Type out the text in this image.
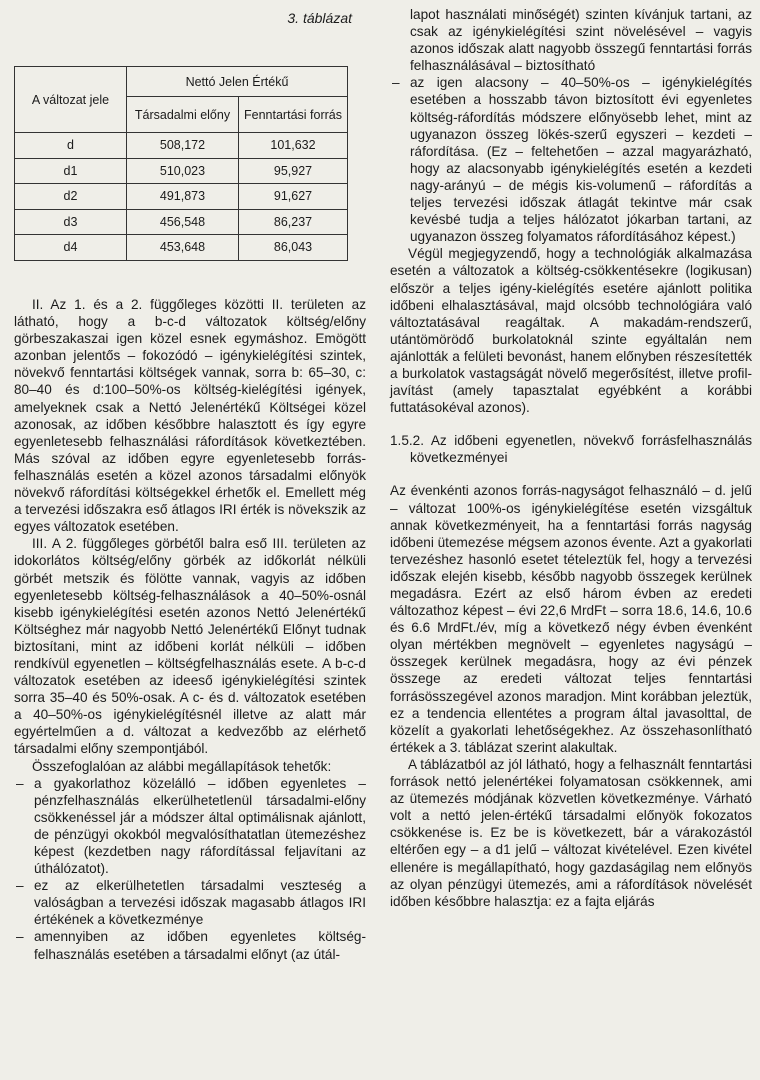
3. táblázat
A változat jele	Nettó Jelen Értékű	
	Társadalmi előny	Fenntartási forrás
d	508,172	101,632
d1	510,023	95,927
d2	491,873	91,627
d3	456,548	86,237
d4	453,648	86,043

II. Az 1. és a 2. függőleges közötti II. területen az látható, hogy a b-c-d változatok költség/előny görbeszakaszai igen közel esnek egymáshoz. Emögött azonban jelentős – fokozódó – igénykielégítési szintek, növekvő fenntartási költségek vannak, sorra b: 65–30, c: 80–40 és d:100–50%-os költség-kielégítési igények, amelyeknek csak a Nettó Jelenértékű Költségei közel azonosak, az időben későbbre halasztott és így egyre egyenletesebb felhasználási ráfordítások következtében. Más szóval az időben egyre egyenletesebb forrás-felhasználás esetén a közel azonos társadalmi előnyök növekvő ráfordítási költségekkel érhetők el. Emellett még a tervezési időszakra eső átlagos IRI érték is növekszik az egyes változatok esetében.

III. A 2. függőleges görbétől balra eső III. területen az idokorlátos költség/előny görbék az időkorlát nélküli görbét metszik és fölötte vannak, vagyis az időben egyenletesebb költség-felhasználások a 40–50%-osnál kisebb igénykielégítési esetén azonos Nettó Jelenértékű Költséghez már nagyobb Nettó Jelenértékű Előnyt tudnak biztosítani, mint az időbeni korlát nélküli – időben rendkívül egyenetlen – költségfelhasználás esete. A b-c-d változatok esetében az ideeső igénykielégítési szintek sorra 35–40 és 50%-osak. A c- és d. változatok esetében a 40–50%-os igénykielégítésnél illetve az alatt már egyértelműen a d. változat a kedvezőbb az elérhető társadalmi előny szempontjából.

Összefoglalóan az alábbi megállapítások tehetők:

– a gyakorlathoz közelálló – időben egyenletes – pénzfelhasználás elkerülhetetlenül társadalmi-előny csökkenéssel jár a módszer által optimálisnak ajánlott, de pénzügyi okokból megvalósíthatatlan ütemezéshez képest (kezdetben nagy ráfordítással feljavítani az úthálózatot).
– ez az elkerülhetetlen társadalmi veszteség a valóságban a tervezési időszak magasabb átlagos IRI értékének a következménye
– amennyiben az időben egyenletes költség-felhasználás esetében a társadalmi előnyt (az útál-

lapot használati minőségét) szinten kívánjuk tartani, az csak az igénykielégítési szint növelésével – vagyis azonos időszak alatt nagyobb összegű fenntartási forrás felhasználásával – biztosítható

– az igen alacsony – 40–50%-os – igénykielégítés esetében a hosszabb távon biztosított évi egyenletes költség-ráfordítás módszere előnyösebb lehet, mint az ugyanazon összeg lökés-szerű egyszeri – kezdeti – ráfordítása. (Ez – feltehetően – azzal magyarázható, hogy az alacsonyabb igénykielégítés esetén a kezdeti nagy-arányú – de mégis kis-volumenű – ráfordítás a teljes tervezési időszak átlagát tekintve már csak kevésbé tudja a teljes hálózatot jókarban tartani, az ugyanazon összeg folyamatos ráfordításához képest.)

Végül megjegyzendő, hogy a technológiák alkalmazása esetén a változatok a költség-csökkentésekre (logikusan) először a teljes igény-kielégítés esetére ajánlott politika időbeni elhalasztásával, majd olcsóbb technológiára való változtatásával reagáltak. A makadám-rendszerű, utántömörödő burkolatoknál szinte egyáltalán nem ajánlották a felületi bevonást, hanem előnyben részesítették a burkolatok vastagságát növelő megerősítést, illetve profil-javítást (amely tapasztalat egyébként a korábbi futtatásokéval azonos).

1.5.2. Az időbeni egyenetlen, növekvő forrásfelhasználás következményei

Az évenkénti azonos forrás-nagyságot felhasználó – d. jelű – változat 100%-os igénykielégítése esetén vizsgáltuk annak következményeit, ha a fenntartási forrás nagyság időbeni ütemezése mégsem azonos évente. Azt a gyakorlati tervezéshez hasonló esetet tételeztük fel, hogy a tervezési időszak elején kisebb, később nagyobb összegek kerülnek megadásra. Ezért az első három évben az eredeti változathoz képest – évi 22,6 MrdFt – sorra 18.6, 14.6, 10.6 és 6.6 MrdFt./év, míg a következő négy évben évenként olyan mértékben megnövelt – egyenletes nagyságú – összegek kerülnek megadásra, hogy az évi pénzek összege az eredeti változat teljes fenntartási forrásösszegével azonos maradjon. Mint korábban jeleztük, ez a tendencia ellentétes a program által javasolttal, de közelít a gyakorlati lehetőségekhez. Az összehasonlítható értékek a 3. táblázat szerint alakultak.

A táblázatból az jól látható, hogy a felhasznált fenntartási források nettó jelenértékei folyamatosan csökkennek, ami az ütemezés módjának közvetlen következménye. Várható volt a nettó jelen-értékű társadalmi előnyök fokozatos csökkenése is. Ez be is következett, bár a várakozástól eltérően egy – a d1 jelű – változat kivételével. Ezen kivétel ellenére is megállapítható, hogy gazdaságilag nem előnyös az olyan pénzügyi ütemezés, ami a ráfordítások növelését időben későbbre halasztja: ez a fajta eljárás
